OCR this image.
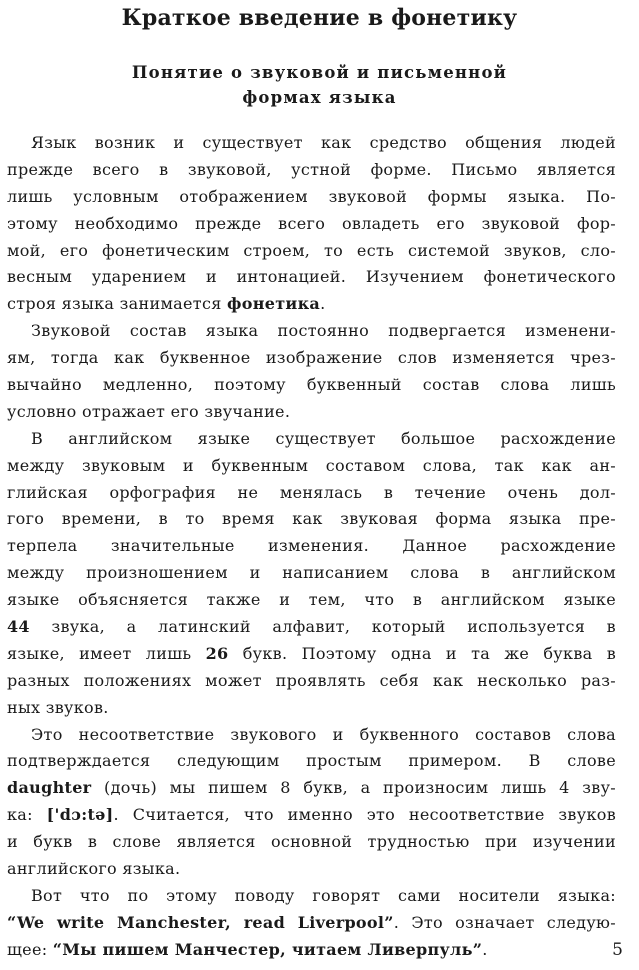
Краткое введение в фонетику
Понятие о звуковой и письменной
формах языка
Язык возник и существует как средство общения людей
прежде всего в звуковой, устной форме. Письмо является
лишь условным отображением звуковой формы языка. По-
этому необходимо прежде всего овладеть его звуковой фор-
мой, его фонетическим строем, то есть системой звуков, сло-
весным ударением и интонацией. Изучением фонетического
строя языка занимается фонетика.
Звуковой состав языка постоянно подвергается изменени-
ям, тогда как буквенное изображение слов изменяется чрез-
вычайно медленно, поэтому буквенный состав слова лишь
условно отражает его звучание.
В английском языке существует большое расхождение
между звуковым и буквенным составом слова, так как ан-
глийская орфография не менялась в течение очень дол-
гого времени, в то время как звуковая форма языка пре-
терпела значительные изменения. Данное расхождение
между произношением и написанием слова в английском
языке объясняется также и тем, что в английском языке
44 звука, а латинский алфавит, который используется в
языке, имеет лишь 26 букв. Поэтому одна и та же буква в
разных положениях может проявлять себя как несколько раз-
ных звуков.
Это несоответствие звукового и буквенного составов слова
подтверждается следующим простым примером. В слове
daughter (дочь) мы пишем 8 букв, а произносим лишь 4 зву-
ка: ['dɔ:tə]. Считается, что именно это несоответствие звуков
и букв в слове является основной трудностью при изучении
английского языка.
Вот что по этому поводу говорят сами носители языка:
“We write Manchester, read Liverpool”. Это означает следую-
щее: “Мы пишем Манчестер, читаем Ливерпуль”.	5
